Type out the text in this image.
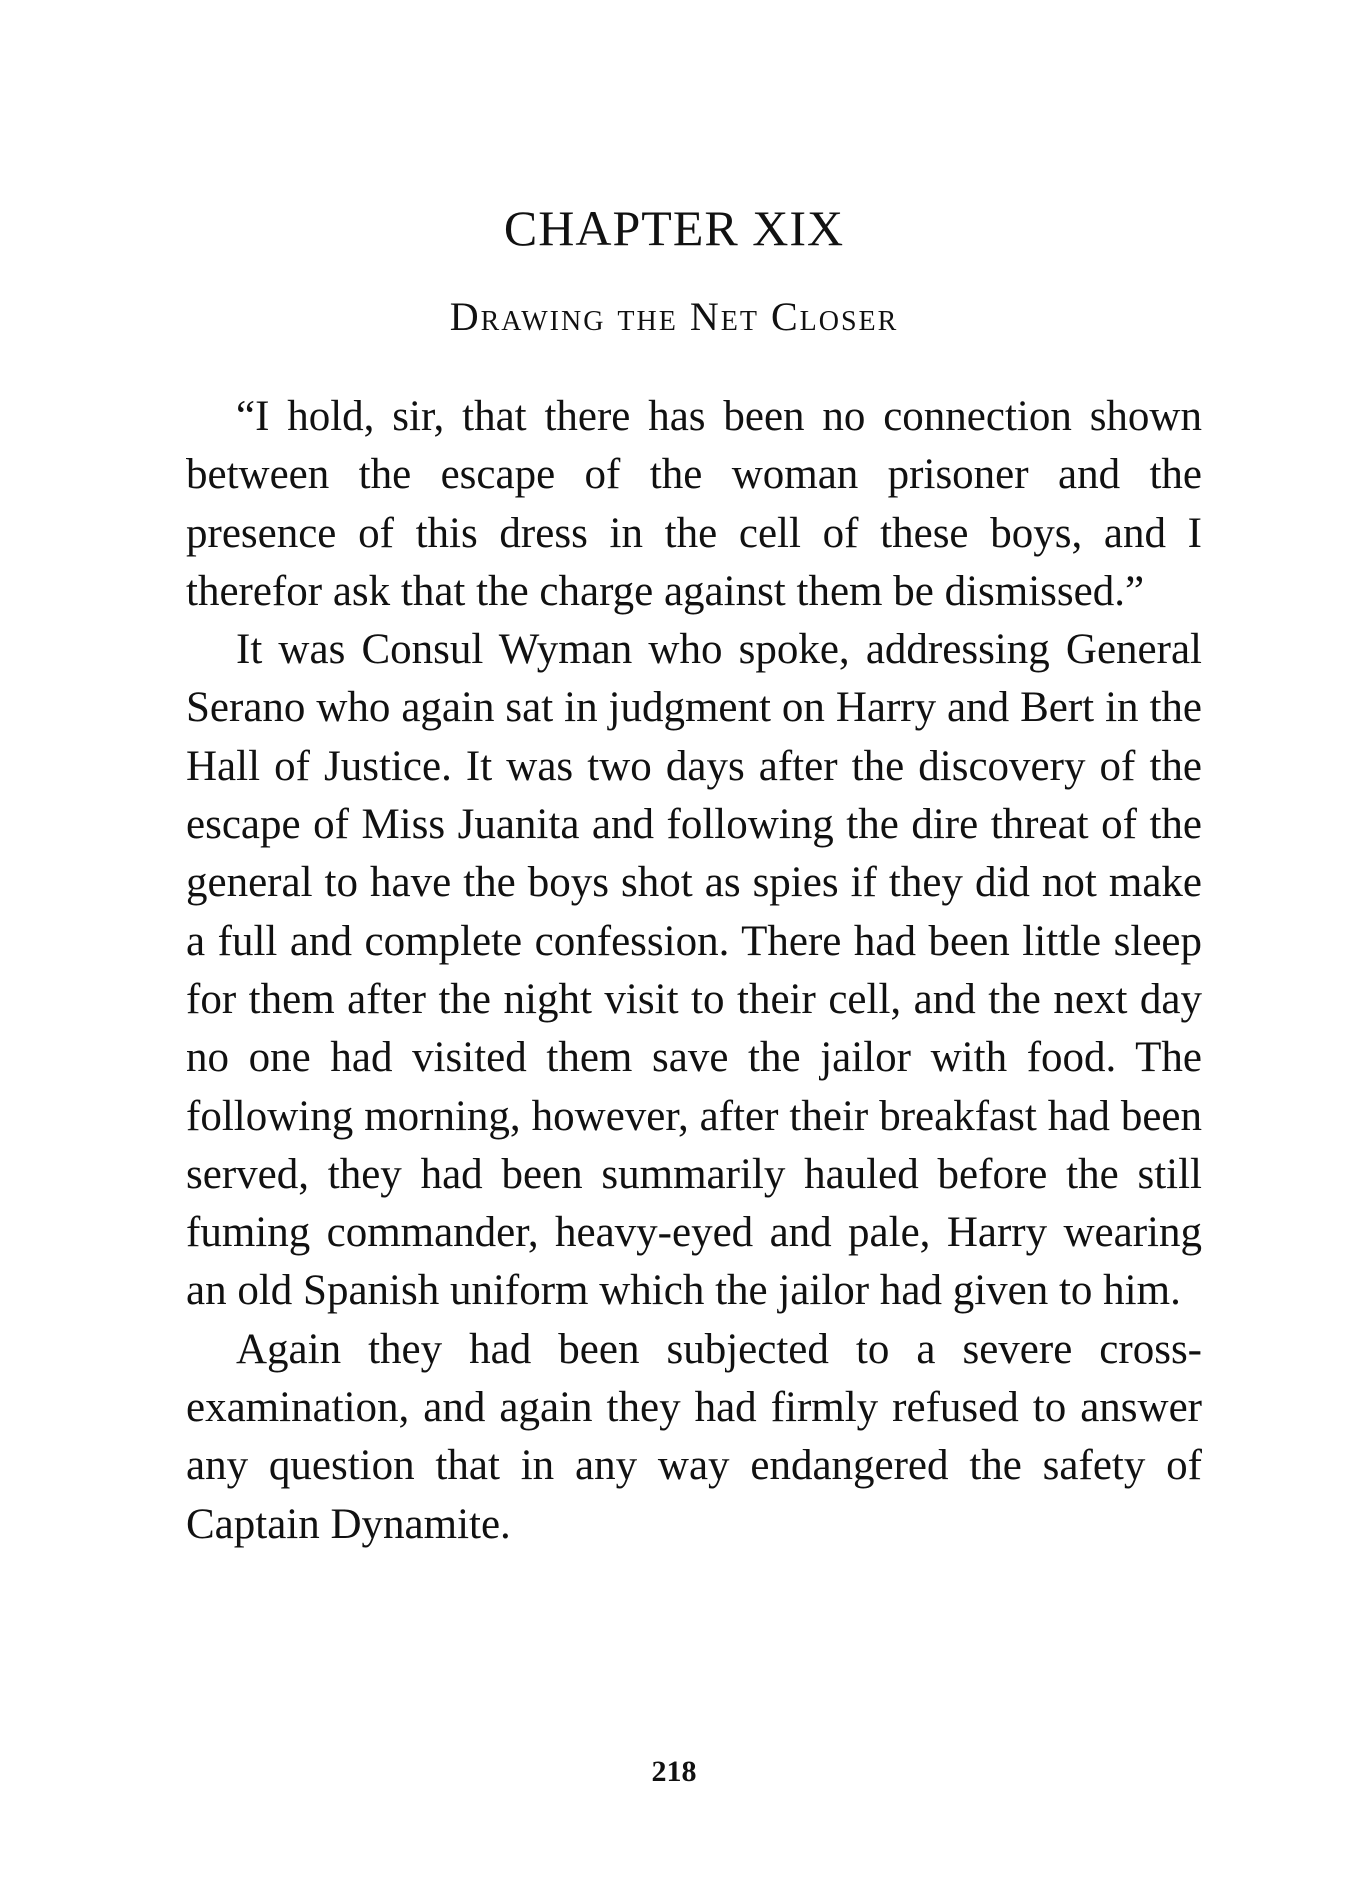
CHAPTER XIX
Drawing the Net Closer

“I hold, sir, that there has been no connection shown between the escape of the woman prisoner and the presence of this dress in the cell of these boys, and I therefor ask that the charge against them be dismissed.”

It was Consul Wyman who spoke, addressing General Serano who again sat in judgment on Harry and Bert in the Hall of Justice. It was two days after the discovery of the escape of Miss Juanita and following the dire threat of the general to have the boys shot as spies if they did not make a full and complete confession. There had been little sleep for them after the night visit to their cell, and the next day no one had visited them save the jailor with food. The following morning, however, after their breakfast had been served, they had been summarily hauled before the still fuming commander, heavy-eyed and pale, Harry wearing an old Spanish uniform which the jailor had given to him.

Again they had been subjected to a severe cross-examination, and again they had firmly refused to answer any question that in any way endangered the safety of Captain Dynamite.

218
